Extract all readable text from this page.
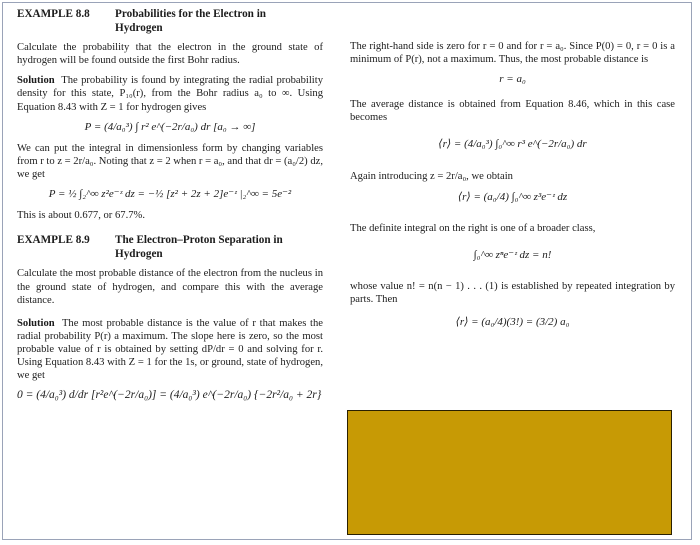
EXAMPLE 8.8 Probabilities for the Electron in Hydrogen

Calculate the probability that the electron in the ground state of hydrogen will be found outside the first Bohr radius.

Solution The probability is found by integrating the radial probability density for this state, P₁₀(r), from the Bohr radius a₀ to ∞. Using Equation 8.43 with Z = 1 for hydrogen gives

P = (4/a₀³) ∫ r² e^(−2r/a₀) dr [a₀ → ∞]

We can put the integral in dimensionless form by changing variables from r to z = 2r/a₀. Noting that z = 2 when r = a₀, and that dr = (a₀/2) dz, we get

P = ½ ∫₂^∞ z²e⁻ᶻ dz = −½ [z² + 2z + 2]e⁻ᶻ |₂^∞ = 5e⁻²

This is about 0.677, or 67.7%.

EXAMPLE 8.9 The Electron–Proton Separation in Hydrogen

Calculate the most probable distance of the electron from the nucleus in the ground state of hydrogen, and compare this with the average distance.

Solution The most probable distance is the value of r that makes the radial probability P(r) a maximum. The slope here is zero, so the most probable value of r is obtained by setting dP/dr = 0 and solving for r. Using Equation 8.43 with Z = 1 for the 1s, or ground, state of hydrogen, we get

0 = (4/a₀³) d/dr [r²e^(−2r/a₀)] = (4/a₀³) e^(−2r/a₀) {−2r²/a₀ + 2r}

The right-hand side is zero for r = 0 and for r = a₀. Since P(0) = 0, r = 0 is a minimum of P(r), not a maximum. Thus, the most probable distance is

r = a₀

The average distance is obtained from Equation 8.46, which in this case becomes

⟨r⟩ = (4/a₀³) ∫₀^∞ r³ e^(−2r/a₀) dr

Again introducing z = 2r/a₀, we obtain

⟨r⟩ = (a₀/4) ∫₀^∞ z³e⁻ᶻ dz

The definite integral on the right is one of a broader class,

∫₀^∞ zⁿe⁻ᶻ dz = n!

whose value n! = n(n − 1) . . . (1) is established by repeated integration by parts. Then

⟨r⟩ = (a₀/4)(3!) = (3/2) a₀
